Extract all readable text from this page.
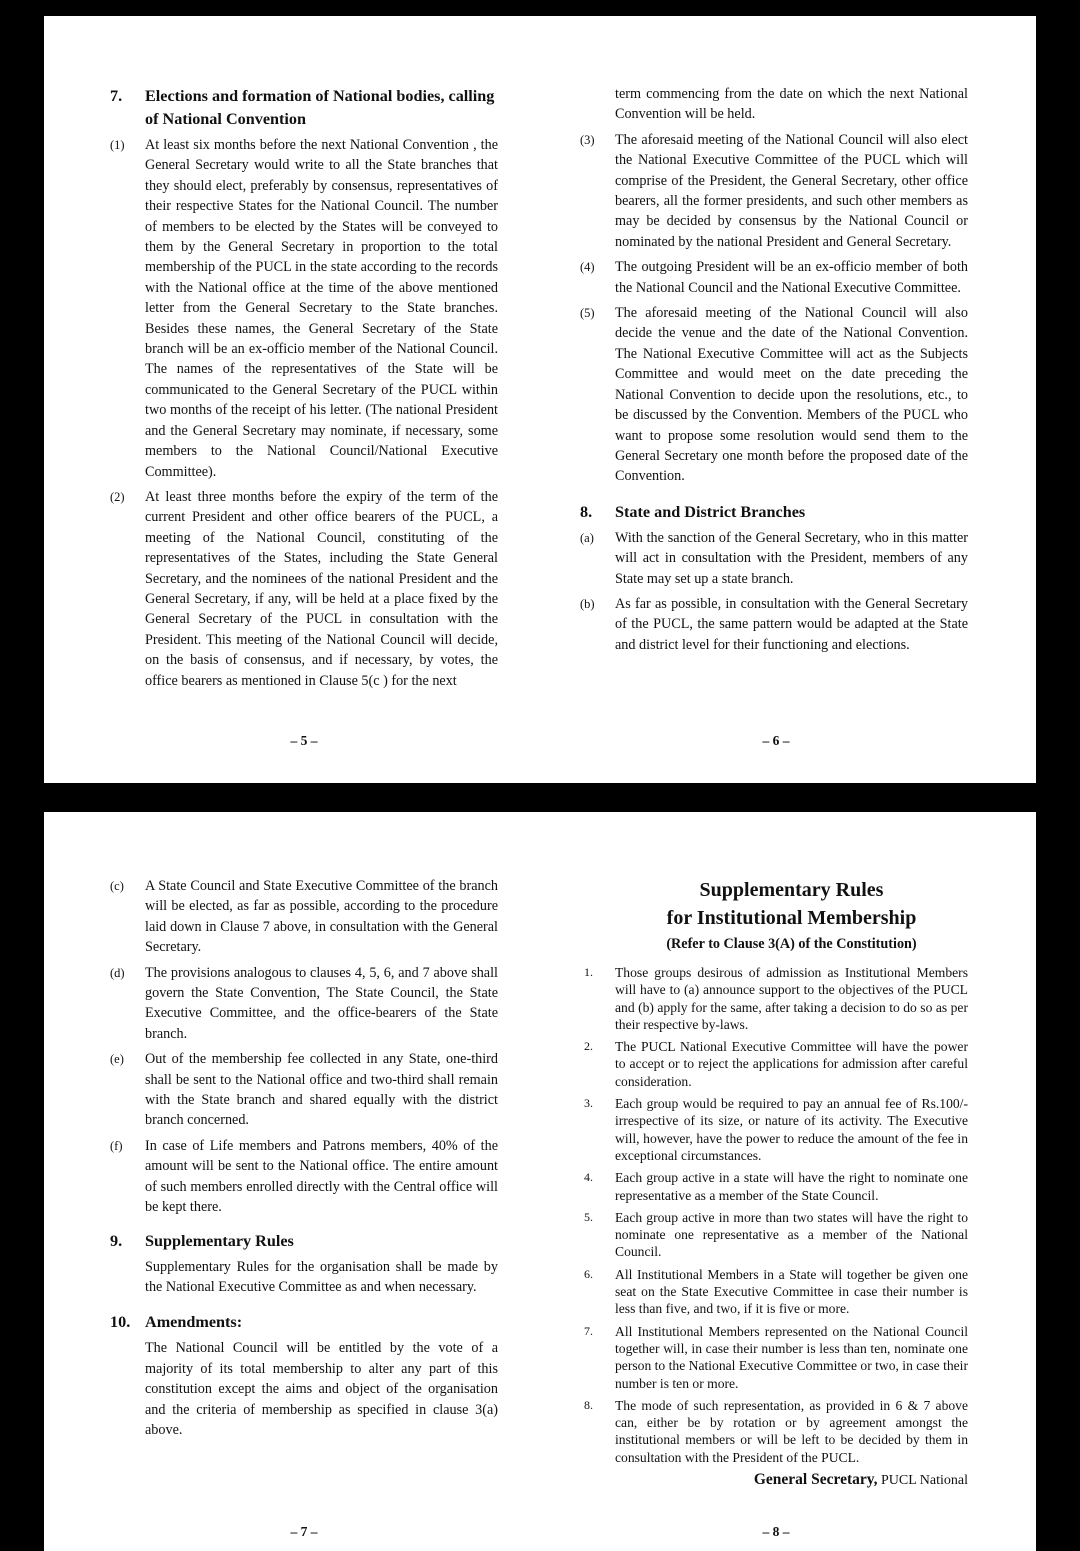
7.	Elections and formation of National bodies, calling of National Convention
(1)	At least six months before the next National Convention , the General Secretary would write to all the State branches that they should elect, preferably by consensus, representatives of their respective States for the National Council. The number of members to be elected by the States will be conveyed to them by the General Secretary in proportion to the total membership of the PUCL in the state according to the records with the National office at the time of the above mentioned letter from the General Secretary to the State branches. Besides these names, the General Secretary of the State branch will be an ex-officio member of the National Council. The names of the representatives of the State will be communicated to the General Secretary of the PUCL within two months of the receipt of his letter. (The national President and the General Secretary may nominate, if necessary, some members to the National Council/National Executive Committee).
(2)	At least three months before the expiry of the term of the current President and other office bearers of the PUCL, a meeting of the National Council, constituting of the representatives of the States, including the State General Secretary, and the nominees of the national President and the General Secretary, if any, will be held at a place fixed by the General Secretary of the PUCL in consultation with the President. This meeting of the National Council will decide, on the basis of consensus, and if necessary, by votes, the office bearers as mentioned in Clause 5(c ) for the next
– 5 –
term commencing from the date on which the next National Convention will be held.
(3)	The aforesaid meeting of the National Council will also elect the National Executive Committee of the PUCL which will comprise of the President, the General Secretary, other office bearers, all the former presidents, and such other members as may be decided by consensus by the National Council or nominated by the national President and General Secretary.
(4)	The outgoing President will be an ex-officio member of both the National Council and the National Executive Committee.
(5)	The aforesaid meeting of the National Council will also decide the venue and the date of the National Convention. The National Executive Committee will act as the Subjects Committee and would meet on the date preceding the National Convention to decide upon the resolutions, etc., to be discussed by the Convention. Members of the PUCL who want to propose some resolution would send them to the General Secretary one month before the proposed date of the Convention.
8.	State and District Branches
(a)	With the sanction of the General Secretary, who in this matter will act in consultation with the President, members of any State may set up a state branch.
(b)	As far as possible, in consultation with the General Secretary of the PUCL, the same pattern would be adapted at the State and district level for their functioning and elections.
– 6 –
(c)	A State Council and State Executive Committee of the branch will be elected, as far as possible, according to the procedure laid down in Clause 7 above, in consultation with the General Secretary.
(d)	The provisions analogous to clauses 4, 5, 6, and 7 above shall govern the State Convention, The State Council, the State Executive Committee, and the office-bearers of the State branch.
(e)	Out of the membership fee collected in any State, one-third shall be sent to the National office and two-third shall remain with the State branch and shared equally with the district branch concerned.
(f)	In case of Life members and Patrons members, 40% of the amount will be sent to the National office. The entire amount of such members enrolled directly with the Central office will be kept there.
9.	Supplementary Rules
Supplementary Rules for the organisation shall be made by the National Executive Committee as and when necessary.
10. Amendments:
The National Council will be entitled by the vote of a majority of its total membership to alter any part of this constitution except the aims and object of the organisation and the criteria of membership as specified in clause 3(a) above.
– 7 –
Supplementary Rules
for Institutional Membership
(Refer to Clause 3(A) of the Constitution)
1.	Those groups desirous of admission as Institutional Members will have to (a) announce support to the objectives of the PUCL and (b) apply for the same, after taking a decision to do so as per their respective by-laws.
2.	The PUCL National Executive Committee will have the power to accept or to reject the applications for admission after careful consideration.
3.	Each group would be required to pay an annual fee of Rs.100/- irrespective of its size, or nature of its activity. The Executive will, however, have the power to reduce the amount of the fee in exceptional circumstances.
4.	Each group active in a state will have the right to nominate one representative as a member of the State Council.
5.	Each group active in more than two states will have the right to nominate one representative as a member of the National Council.
6.	All Institutional Members in a State will together be given one seat on the State Executive Committee in case their number is less than five, and two, if it is five or more.
7.	All Institutional Members represented on the National Council together will, in case their number is less than ten, nominate one person to the National Executive Committee or two, in case their number is ten or more.
8.	The mode of such representation, as provided in 6 & 7 above can, either be by rotation or by agreement amongst the institutional members or will be left to be decided by them in consultation with the President of the PUCL.
General Secretary, PUCL National
– 8 –
